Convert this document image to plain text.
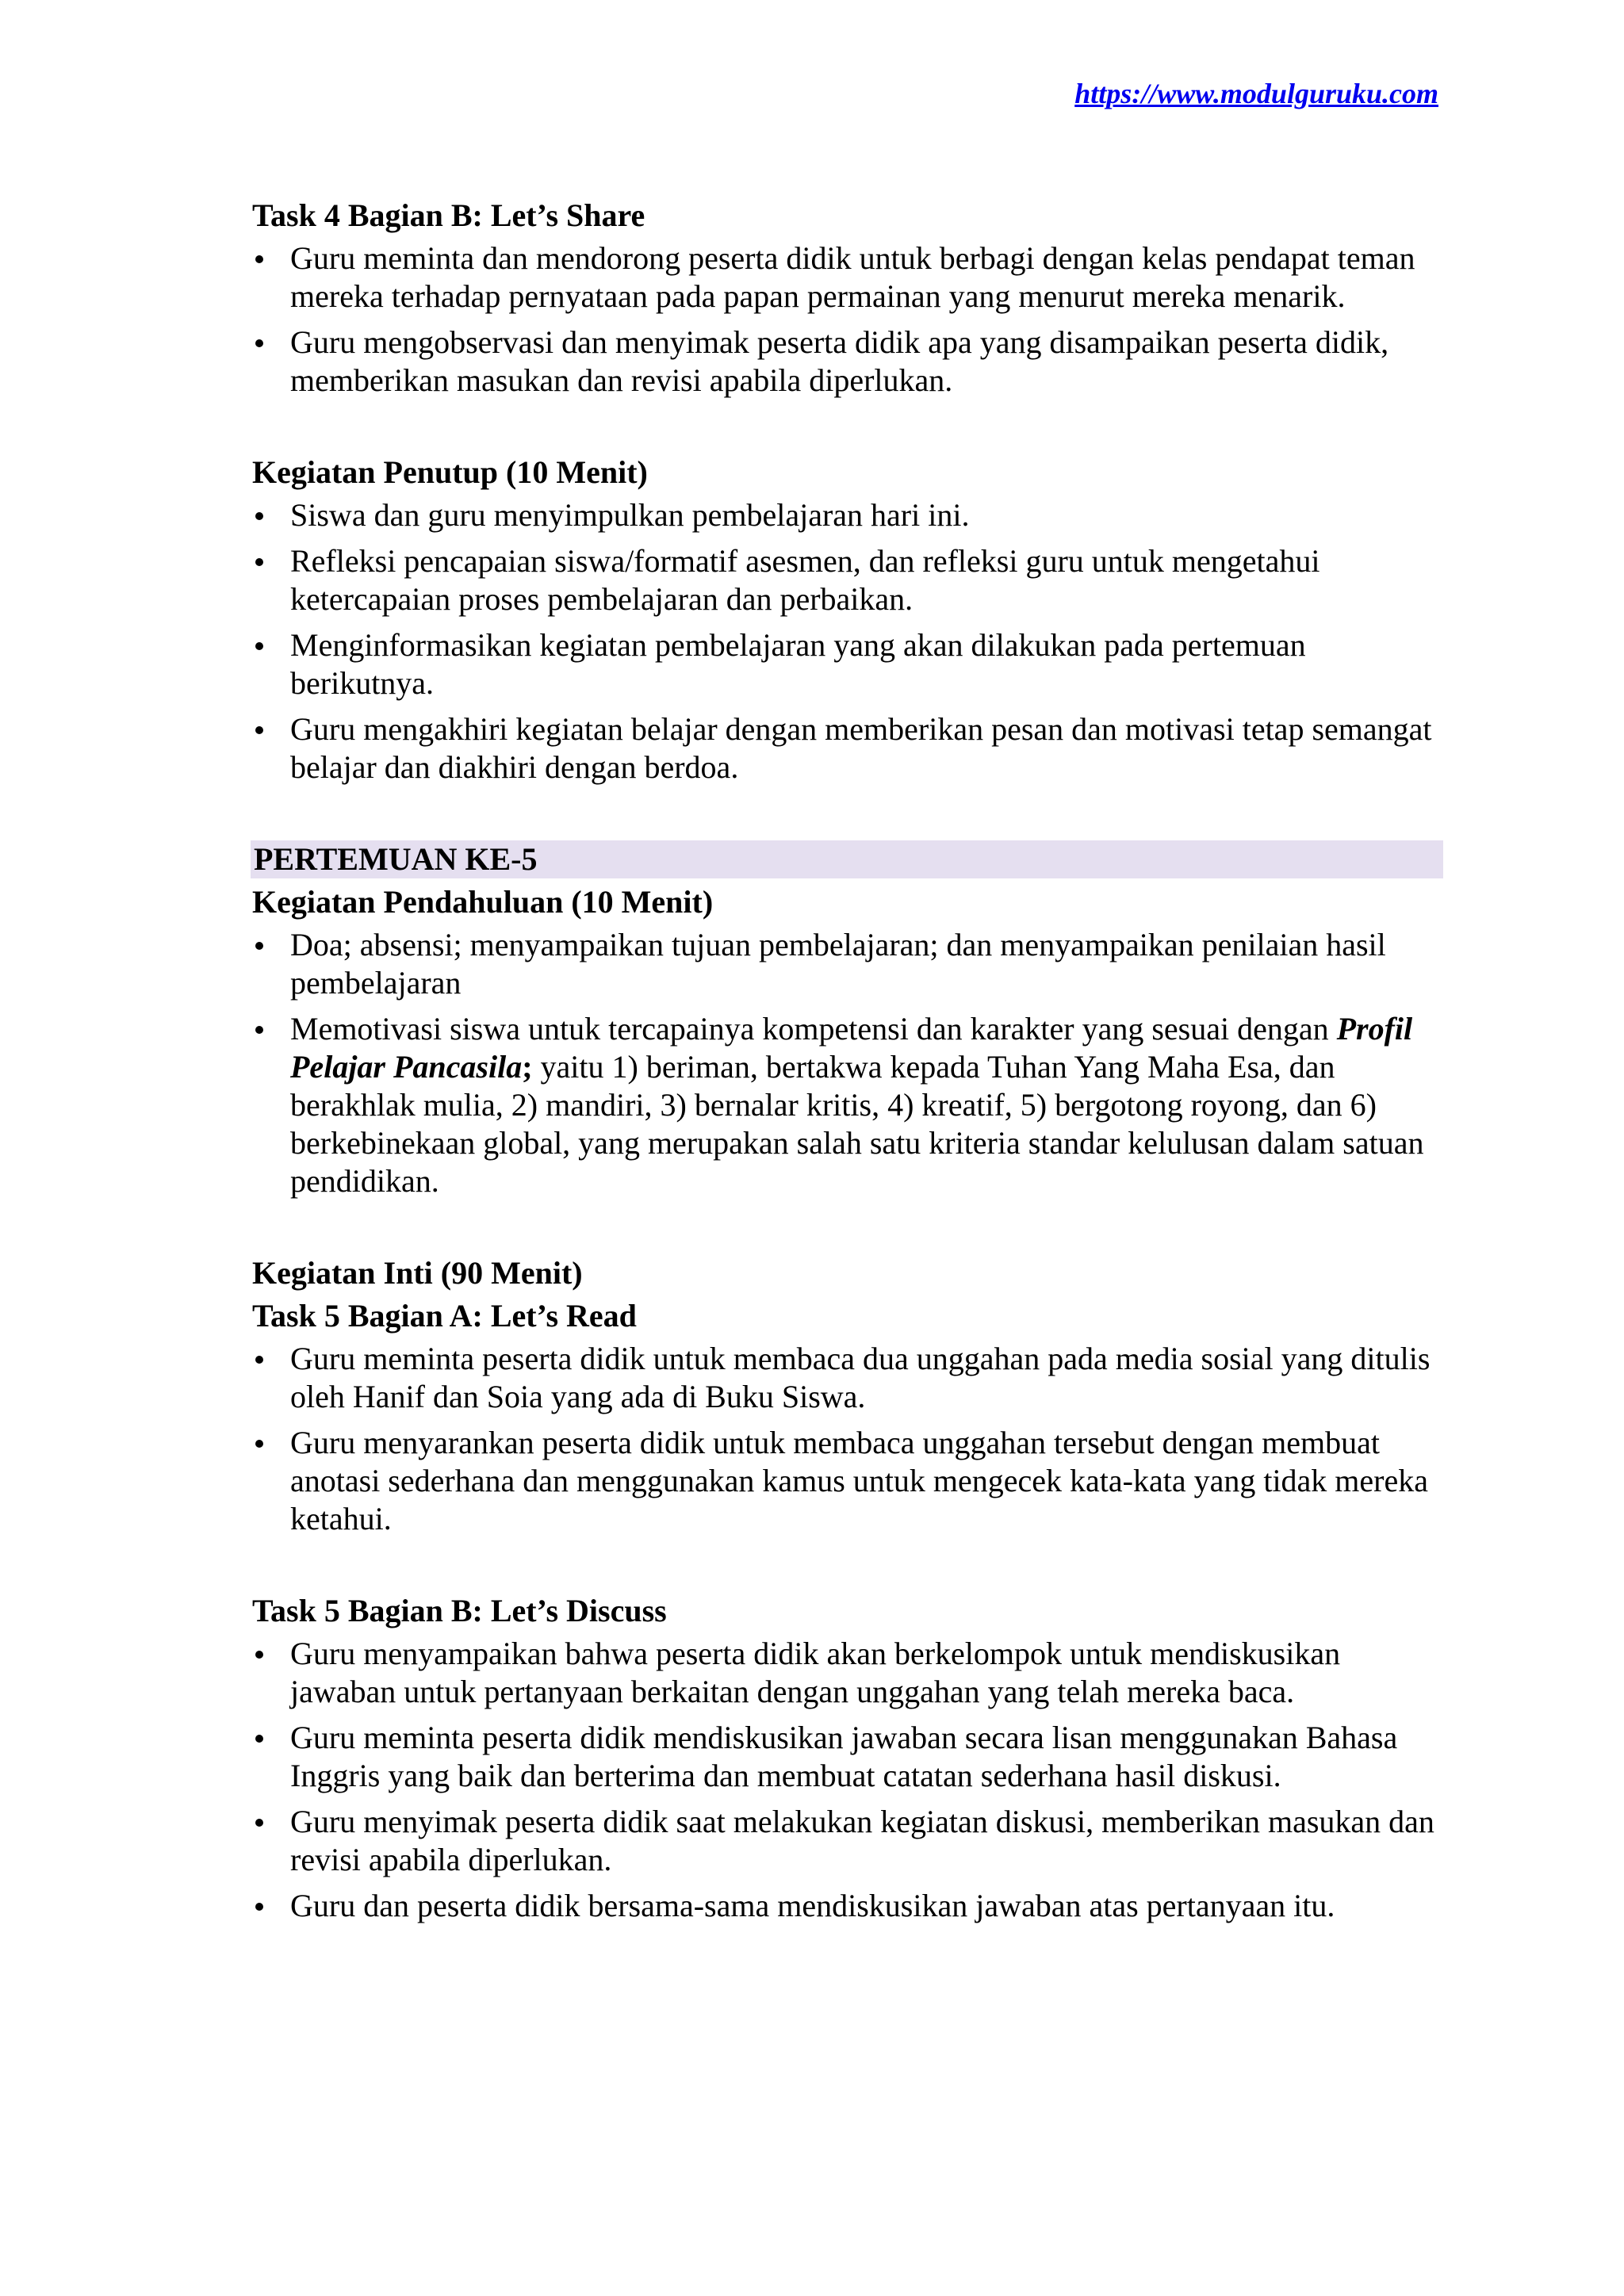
https://www.modulguruku.com
Task 4 Bagian B: Let’s Share
Guru meminta dan mendorong peserta didik untuk berbagi dengan kelas pendapat teman mereka terhadap pernyataan pada papan permainan yang menurut mereka menarik.
Guru mengobservasi dan menyimak peserta didik apa yang disampaikan peserta didik, memberikan masukan dan revisi apabila diperlukan.
Kegiatan Penutup (10 Menit)
Siswa dan guru menyimpulkan pembelajaran hari ini.
Refleksi pencapaian siswa/formatif asesmen, dan refleksi guru untuk mengetahui ketercapaian proses pembelajaran dan perbaikan.
Menginformasikan kegiatan pembelajaran yang akan dilakukan pada pertemuan berikutnya.
Guru mengakhiri kegiatan belajar dengan memberikan pesan dan motivasi tetap semangat belajar dan diakhiri dengan berdoa.
PERTEMUAN KE-5
Kegiatan Pendahuluan (10 Menit)
Doa; absensi; menyampaikan tujuan pembelajaran; dan menyampaikan penilaian hasil pembelajaran
Memotivasi siswa untuk tercapainya kompetensi dan karakter yang sesuai dengan Profil Pelajar Pancasila; yaitu 1) beriman, bertakwa kepada Tuhan Yang Maha Esa, dan berakhlak mulia, 2) mandiri, 3) bernalar kritis, 4) kreatif, 5) bergotong royong, dan 6) berkebinekaan global, yang merupakan salah satu kriteria standar kelulusan dalam satuan pendidikan.
Kegiatan Inti (90 Menit)
Task 5 Bagian A: Let’s Read
Guru meminta peserta didik untuk membaca dua unggahan pada media sosial yang ditulis oleh Hanif dan Soia yang ada di Buku Siswa.
Guru menyarankan peserta didik untuk membaca unggahan tersebut dengan membuat anotasi sederhana dan menggunakan kamus untuk mengecek kata-kata yang tidak mereka ketahui.
Task 5 Bagian B: Let’s Discuss
Guru menyampaikan bahwa peserta didik akan berkelompok untuk mendiskusikan jawaban untuk pertanyaan berkaitan dengan unggahan yang telah mereka baca.
Guru meminta peserta didik mendiskusikan jawaban secara lisan menggunakan Bahasa Inggris yang baik dan berterima dan membuat catatan sederhana hasil diskusi.
Guru menyimak peserta didik saat melakukan kegiatan diskusi, memberikan masukan dan revisi apabila diperlukan.
Guru dan peserta didik bersama-sama mendiskusikan jawaban atas pertanyaan itu.
